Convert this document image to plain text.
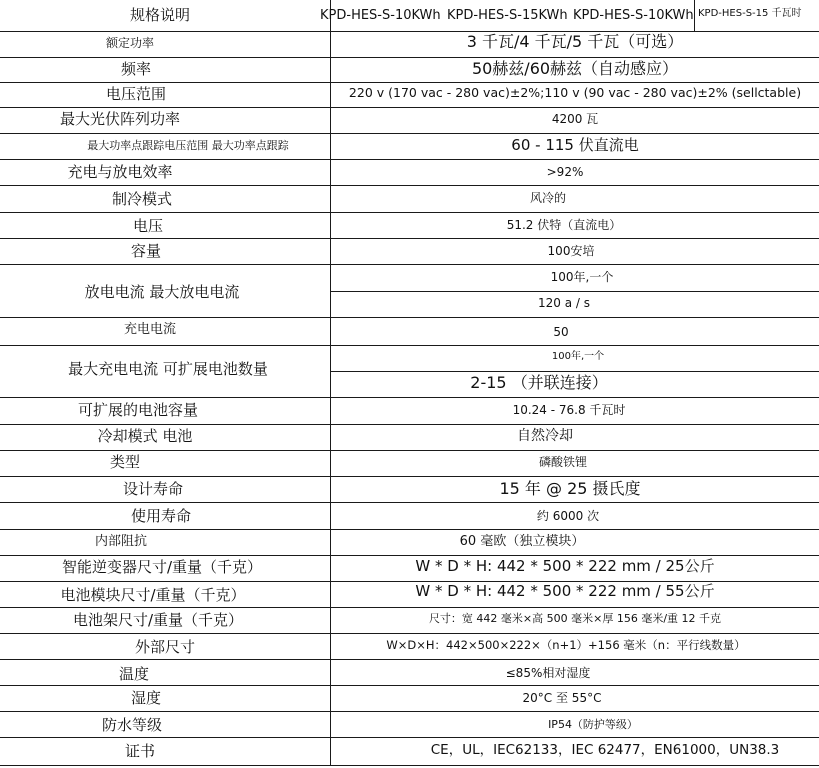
规格说明	KPD-HES-S-10KWh KPD-HES-S-15KWh KPD-HES-S-10KWh KPD-HES-S-15 千瓦时
额定功率
频率
电压范围
最大光伏阵列功率
最大功率点跟踪电压范围 最大功率点跟踪
充电与放电效率
制冷模式
电压
容量
放电电流 最大放电电流
充电电流
最大充电电流 可扩展电池数量
可扩展的电池容量
冷却模式 电池
类型
设计寿命
使用寿命
内部阻抗
智能逆变器尺寸/重量（千克）
电池模块尺寸/重量（千克）
电池架尺寸/重量（千克）
外部尺寸
温度
湿度
防水等级
证书
3 千瓦/4 千瓦/5 千瓦（可选）
50赫兹/60赫兹（自动感应）
220 v (170 vac - 280 vac)±2%;110 v (90 vac - 280 vac)±2% (sellctable)
4200 瓦
60 - 115 伏直流电
>92%
风冷的
51.2 伏特（直流电）
100安培
100年,一个
120 a / s
50
100年,一个
2-15 （并联连接）
10.24 - 76.8 千瓦时
自然冷却
磷酸铁锂
15 年 @ 25 摄氏度
约 6000 次
60 毫欧（独立模块）
W * D * H: 442 * 500 * 222 mm / 25公斤
W * D * H: 442 * 500 * 222 mm / 55公斤
尺寸：宽 442 毫米×高 500 毫米×厚 156 毫米/重 12 千克
W×D×H：442×500×222×（n+1）+156 毫米（n：平行线数量）
≤85%相对湿度
20°C 至 55°C
IP54（防护等级）
CE，UL，IEC62133，IEC 62477，EN61000，UN38.3
